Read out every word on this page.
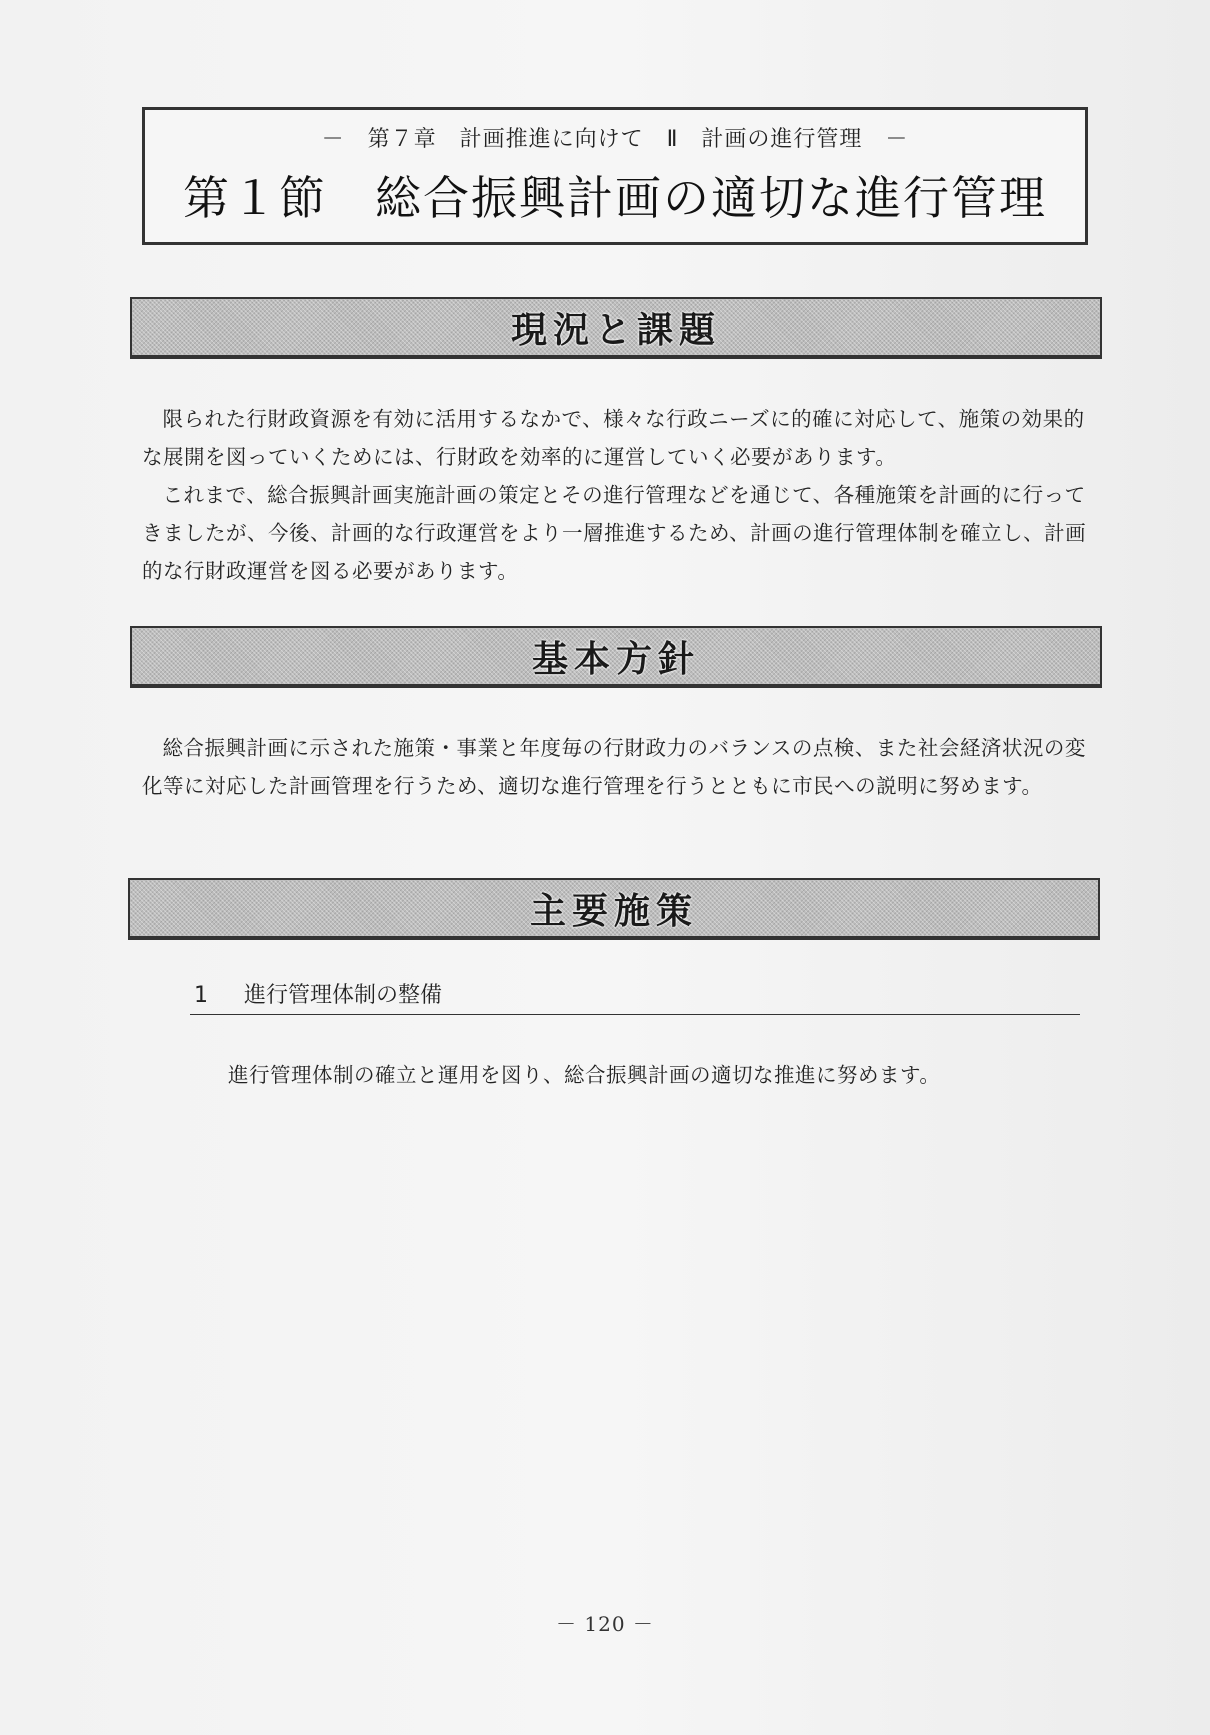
－　第７章　計画推進に向けて　Ⅱ　計画の進行管理　－
第１節　総合振興計画の適切な進行管理
現況と課題

限られた行財政資源を有効に活用するなかで、様々な行政ニーズに的確に対応して、施策の効果的な展開を図っていくためには、行財政を効率的に運営していく必要があります。

これまで、総合振興計画実施計画の策定とその進行管理などを通じて、各種施策を計画的に行ってきましたが、今後、計画的な行政運営をより一層推進するため、計画の進行管理体制を確立し、計画的な行財政運営を図る必要があります。

基本方針

総合振興計画に示された施策・事業と年度毎の行財政力のバランスの点検、また社会経済状況の変化等に対応した計画管理を行うため、適切な進行管理を行うとともに市民への説明に努めます。

主要施策
1 進行管理体制の整備
進行管理体制の確立と運用を図り、総合振興計画の適切な推進に努めます。
－ 120 －
